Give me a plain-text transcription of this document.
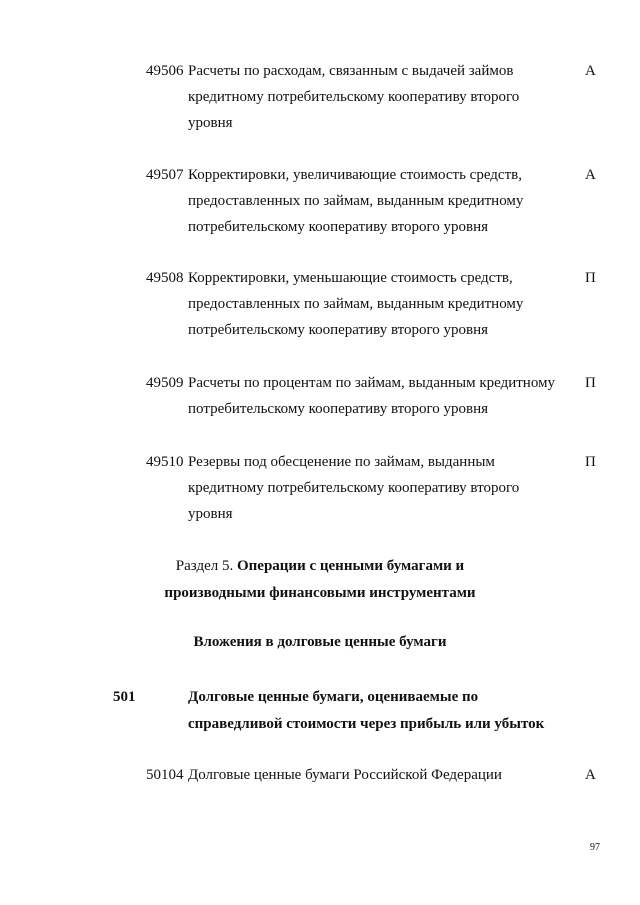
49506 Расчеты по расходам, связанным с выдачей займов
кредитному потребительскому кооперативу второго
уровня
А
49507 Корректировки, увеличивающие стоимость средств,
предоставленных по займам, выданным кредитному
потребительскому кооперативу второго уровня
А
49508 Корректировки, уменьшающие стоимость средств,
предоставленных по займам, выданным кредитному
потребительскому кооперативу второго уровня
П
49509 Расчеты по процентам по займам, выданным кредитному
потребительскому кооперативу второго уровня
П
49510 Резервы под обесценение по займам, выданным
кредитному потребительскому кооперативу второго
уровня
П
Раздел 5. Операции с ценными бумагами и
производными финансовыми инструментами
Вложения в долговые ценные бумаги
501	Долговые ценные бумаги, оцениваемые по
справедливой стоимости через прибыль или убыток
50104 Долговые ценные бумаги Российской Федерации	А
97
